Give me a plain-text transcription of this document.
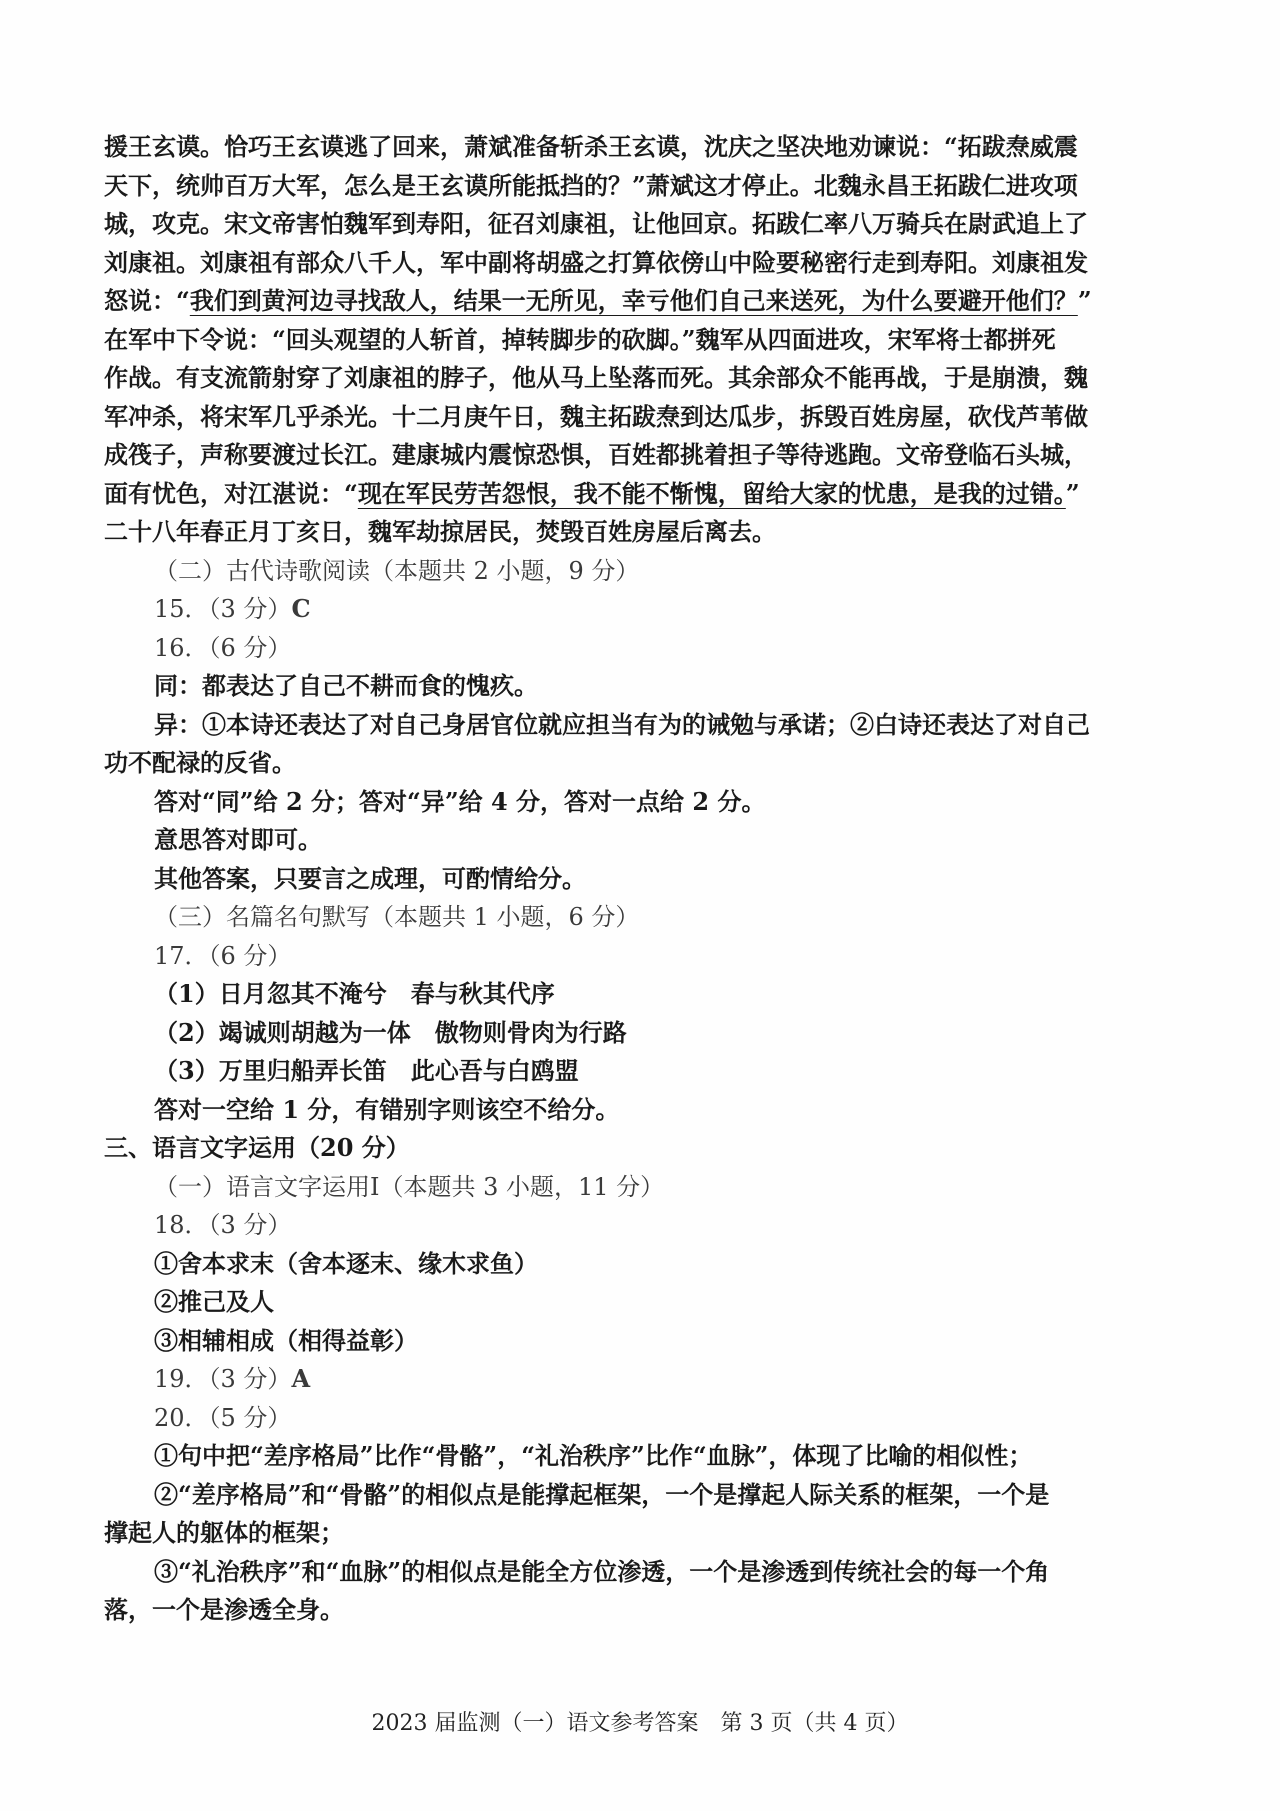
援王玄谟。恰巧王玄谟逃了回来，萧斌准备斩杀王玄谟，沈庆之坚决地劝谏说：“拓跋焘威震

天下，统帅百万大军，怎么是王玄谟所能抵挡的？”萧斌这才停止。北魏永昌王拓跋仁进攻项

城，攻克。宋文帝害怕魏军到寿阳，征召刘康祖，让他回京。拓跋仁率八万骑兵在尉武追上了

刘康祖。刘康祖有部众八千人，军中副将胡盛之打算依傍山中险要秘密行走到寿阳。刘康祖发

怒说：“我们到黄河边寻找敌人，结果一无所见，幸亏他们自己来送死，为什么要避开他们？”

在军中下令说：“回头观望的人斩首，掉转脚步的砍脚。”魏军从四面进攻，宋军将士都拼死

作战。有支流箭射穿了刘康祖的脖子，他从马上坠落而死。其余部众不能再战，于是崩溃，魏

军冲杀，将宋军几乎杀光。十二月庚午日，魏主拓跋焘到达瓜步，拆毁百姓房屋，砍伐芦苇做

成筏子，声称要渡过长江。建康城内震惊恐惧，百姓都挑着担子等待逃跑。文帝登临石头城，

面有忧色，对江湛说：“现在军民劳苦怨恨，我不能不惭愧，留给大家的忧患，是我的过错。”

二十八年春正月丁亥日，魏军劫掠居民，焚毁百姓房屋后离去。

（二）古代诗歌阅读（本题共 2 小题，9 分）

15．（3 分）C

16．（6 分）

同：都表达了自己不耕而食的愧疚。

异：①本诗还表达了对自己身居官位就应担当有为的诫勉与承诺；②白诗还表达了对自己

功不配禄的反省。

答对“同”给 2 分；答对“异”给 4 分，答对一点给 2 分。

意思答对即可。

其他答案，只要言之成理，可酌情给分。

（三）名篇名句默写（本题共 1 小题，6 分）

17．（6 分）

（1）日月忽其不淹兮　春与秋其代序

（2）竭诚则胡越为一体　傲物则骨肉为行路

（3）万里归船弄长笛　此心吾与白鸥盟

答对一空给 1 分，有错别字则该空不给分。

三、语言文字运用（20 分）

（一）语言文字运用Ⅰ（本题共 3 小题，11 分）

18．（3 分）

①舍本求末（舍本逐末、缘木求鱼）

②推己及人

③相辅相成（相得益彰）

19．（3 分）A

20．（5 分）

①句中把“差序格局”比作“骨骼”，“礼治秩序”比作“血脉”，体现了比喻的相似性；

②“差序格局”和“骨骼”的相似点是能撑起框架，一个是撑起人际关系的框架，一个是

撑起人的躯体的框架；

③“礼治秩序”和“血脉”的相似点是能全方位渗透，一个是渗透到传统社会的每一个角

落，一个是渗透全身。

2023 届监测（一）语文参考答案　第 3 页（共 4 页）
